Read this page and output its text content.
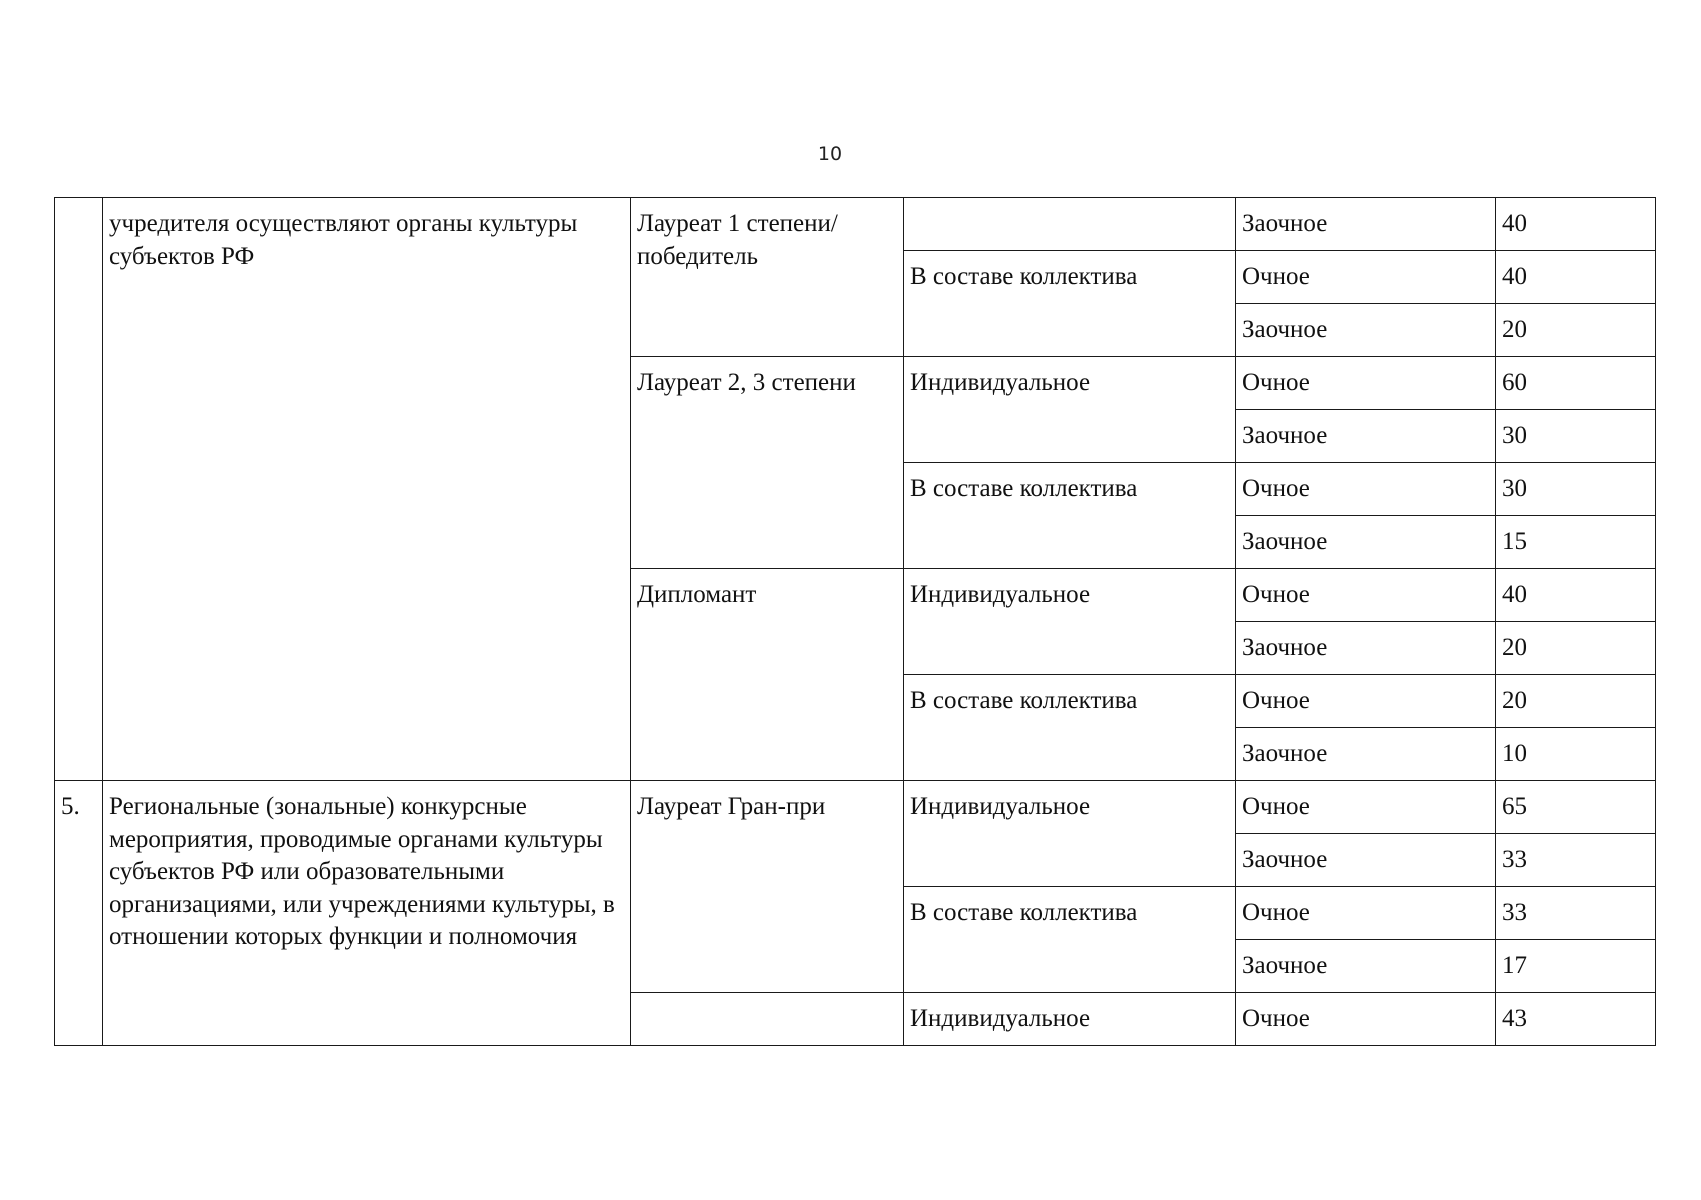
10
	учредителя осуществляют органы культуры субъектов РФ	Лауреат 1 степени/победитель		Заочное	40
			В составе коллектива	Очное	40
				Заочное	20
		Лауреат 2, 3 степени	Индивидуальное	Очное	60
				Заочное	30
			В составе коллектива	Очное	30
				Заочное	15
		Дипломант	Индивидуальное	Очное	40
				Заочное	20
			В составе коллектива	Очное	20
				Заочное	10
5.	Региональные (зональные) конкурсные мероприятия, проводимые органами культуры субъектов РФ или образовательными организациями, или учреждениями культуры, в отношении которых функции и полномочия	Лауреат Гран-при	Индивидуальное	Очное	65
				Заочное	33
			В составе коллектива	Очное	33
				Заочное	17
			Индивидуальное	Очное	43
